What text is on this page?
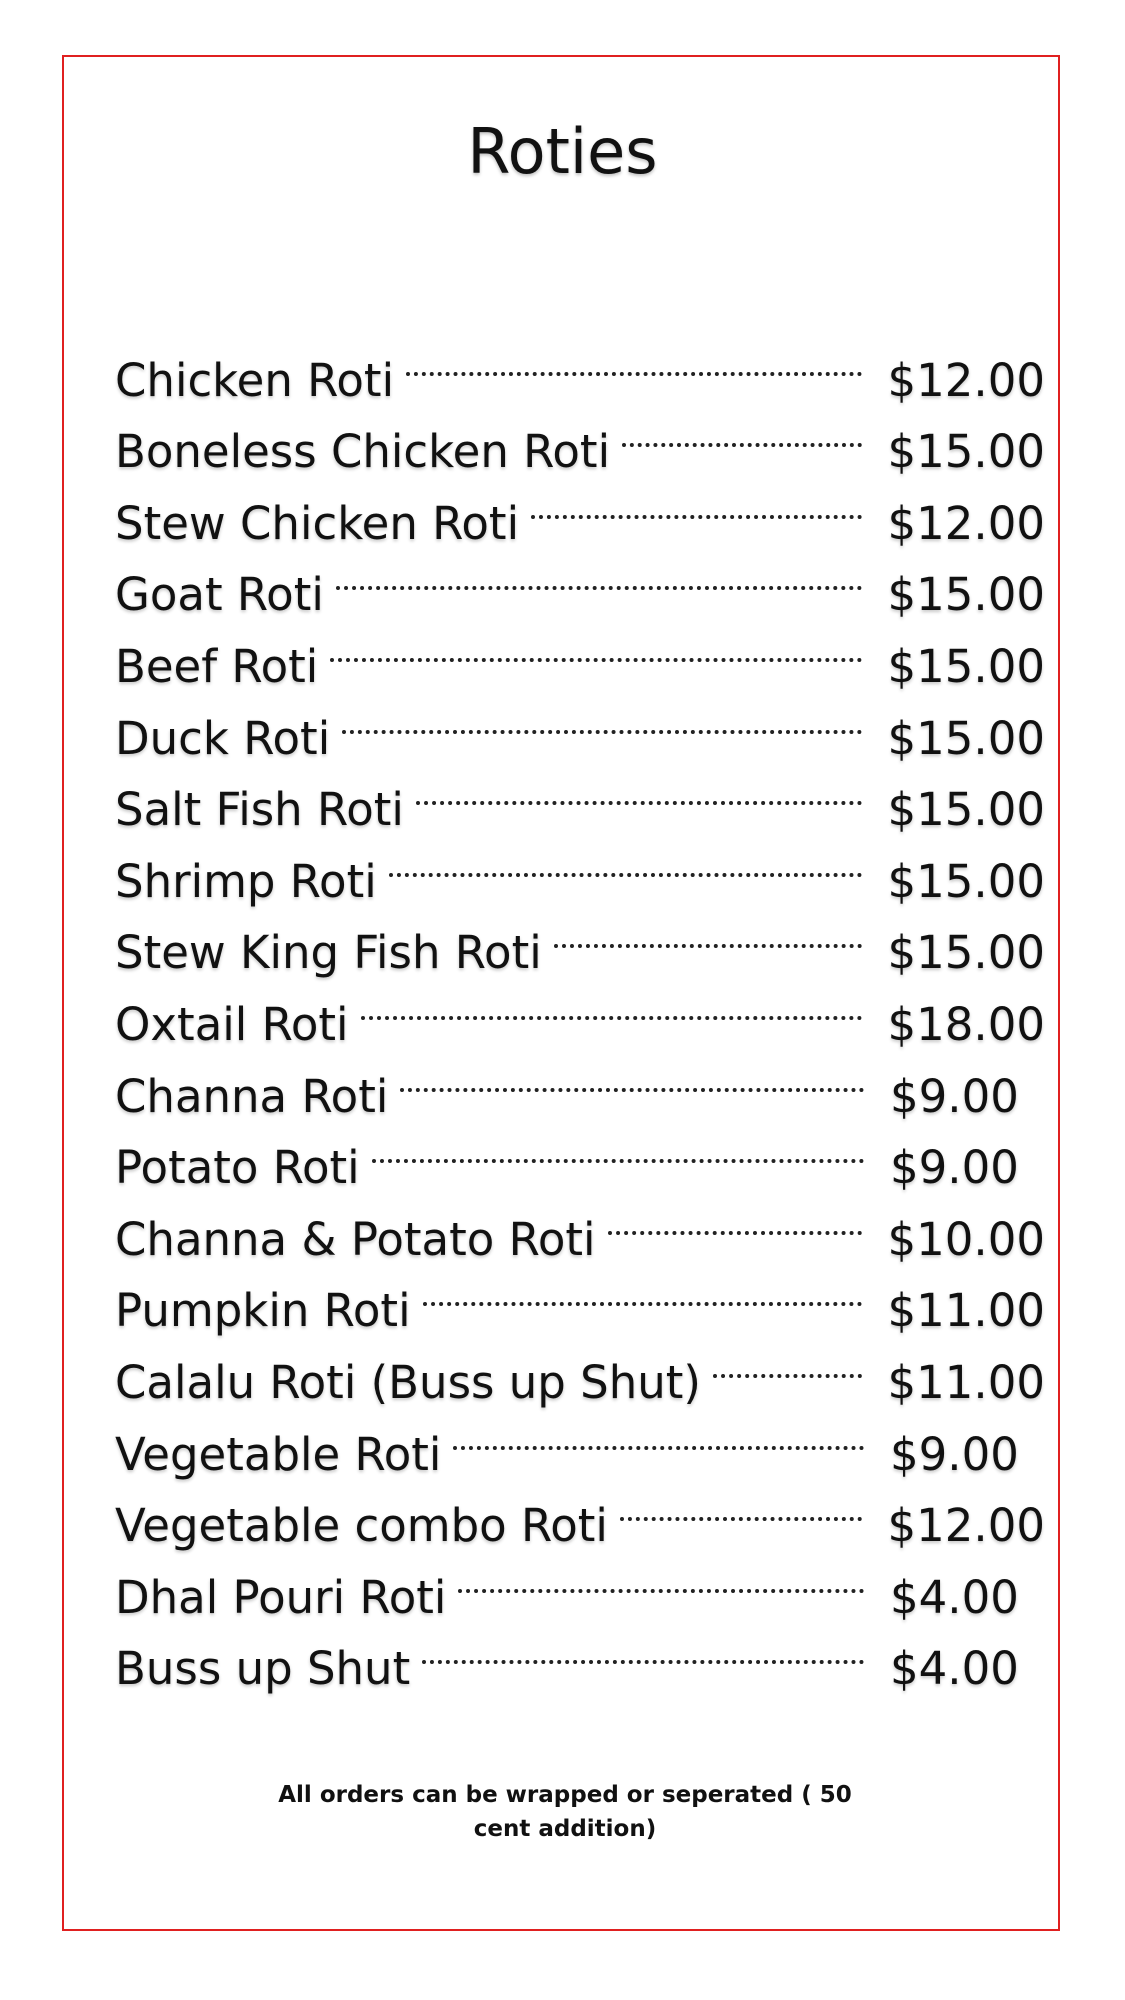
Roties
Chicken Roti	$12.00
Boneless Chicken Roti	$15.00
Stew Chicken Roti	$12.00
Goat Roti	$15.00
Beef Roti	$15.00
Duck Roti	$15.00
Salt Fish Roti	$15.00
Shrimp Roti	$15.00
Stew King Fish Roti	$15.00
Oxtail Roti	$18.00
Channa Roti	$9.00
Potato Roti	$9.00
Channa & Potato Roti	$10.00
Pumpkin Roti	$11.00
Calalu Roti (Buss up Shut)	$11.00
Vegetable Roti	$9.00
Vegetable combo Roti	$12.00
Dhal Pouri Roti	$4.00
Buss up Shut	$4.00

All orders can be wrapped or seperated ( 50 cent addition)
